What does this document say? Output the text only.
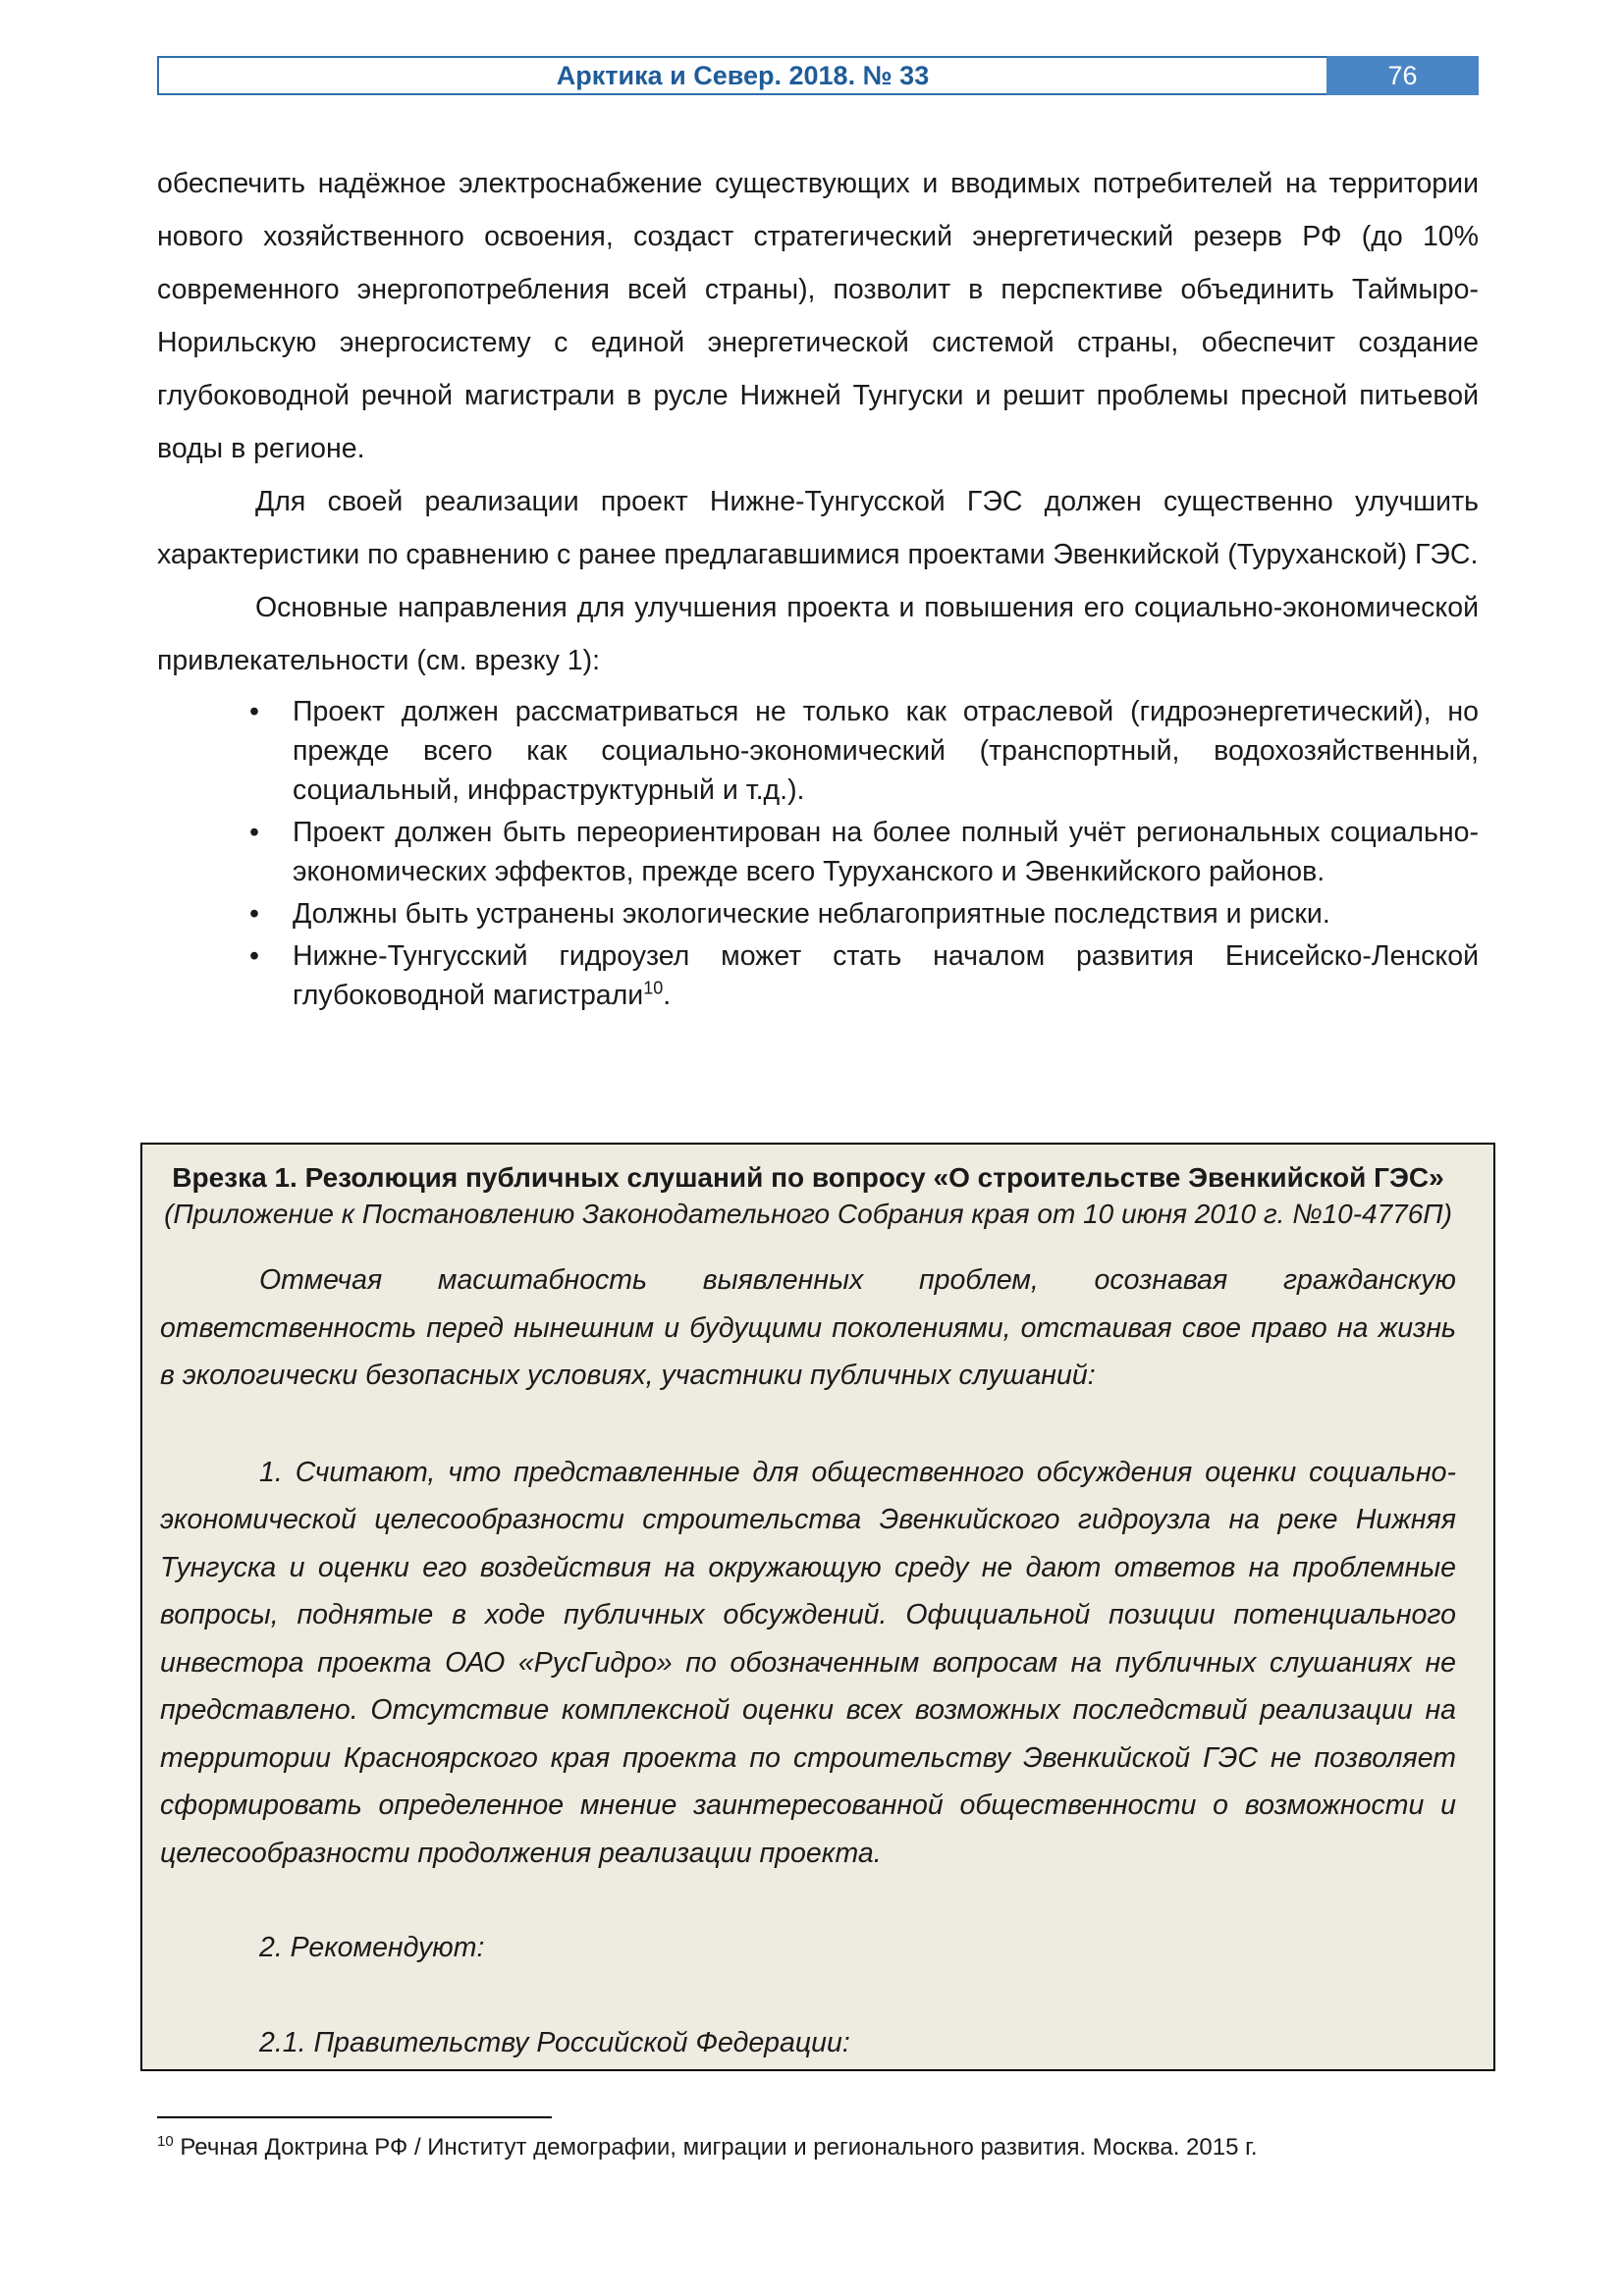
Арктика и Север. 2018. № 33	76

обеспечить надёжное электроснабжение существующих и вводимых потребителей на территории нового хозяйственного освоения, создаст стратегический энергетический резерв РФ (до 10% современного энергопотребления всей страны), позволит в перспективе объединить Таймыро-Норильскую энергосистему с единой энергетической системой страны, обеспечит создание глубоководной речной магистрали в русле Нижней Тунгуски и решит проблемы пресной питьевой воды в регионе.

Для своей реализации проект Нижне-Тунгусской ГЭС должен существенно улучшить характеристики по сравнению с ранее предлагавшимися проектами Эвенкийской (Туруханской) ГЭС.

Основные направления для улучшения проекта и повышения его социально-экономической привлекательности (см. врезку 1):

• Проект должен рассматриваться не только как отраслевой (гидроэнергетический), но прежде всего как социально-экономический (транспортный, водохозяйственный, социальный, инфраструктурный и т.д.).
• Проект должен быть переориентирован на более полный учёт региональных социально-экономических эффектов, прежде всего Туруханского и Эвенкийского районов.
• Должны быть устранены экологические неблагоприятные последствия и риски.
• Нижне-Тунгусский гидроузел может стать началом развития Енисейско-Ленской глубоководной магистрали$^{10}$.
Врезка 1. Резолюция публичных слушаний по вопросу «О строительстве Эвенкийской ГЭС»
(Приложение к Постановлению Законодательного Собрания края от 10 июня 2010 г. №10-4776П)

Отмечая масштабность выявленных проблем, осознавая гражданскую ответственность перед нынешним и будущими поколениями, отстаивая свое право на жизнь в экологически безопасных условиях, участники публичных слушаний:

1. Считают, что представленные для общественного обсуждения оценки социально-экономической целесообразности строительства Эвенкийского гидроузла на реке Нижняя Тунгуска и оценки его воздействия на окружающую среду не дают ответов на проблемные вопросы, поднятые в ходе публичных обсуждений. Официальной позиции потенциального инвестора проекта ОАО «РусГидро» по обозначенным вопросам на публичных слушаниях не представлено. Отсутствие комплексной оценки всех возможных последствий реализации на территории Красноярского края проекта по строительству Эвенкийской ГЭС не позволяет сформировать определенное мнение заинтересованной общественности о возможности и целесообразности продолжения реализации проекта.

2. Рекомендуют:

2.1. Правительству Российской Федерации:

$^{10}$ Речная Доктрина РФ / Институт демографии, миграции и регионального развития. Москва. 2015 г.
